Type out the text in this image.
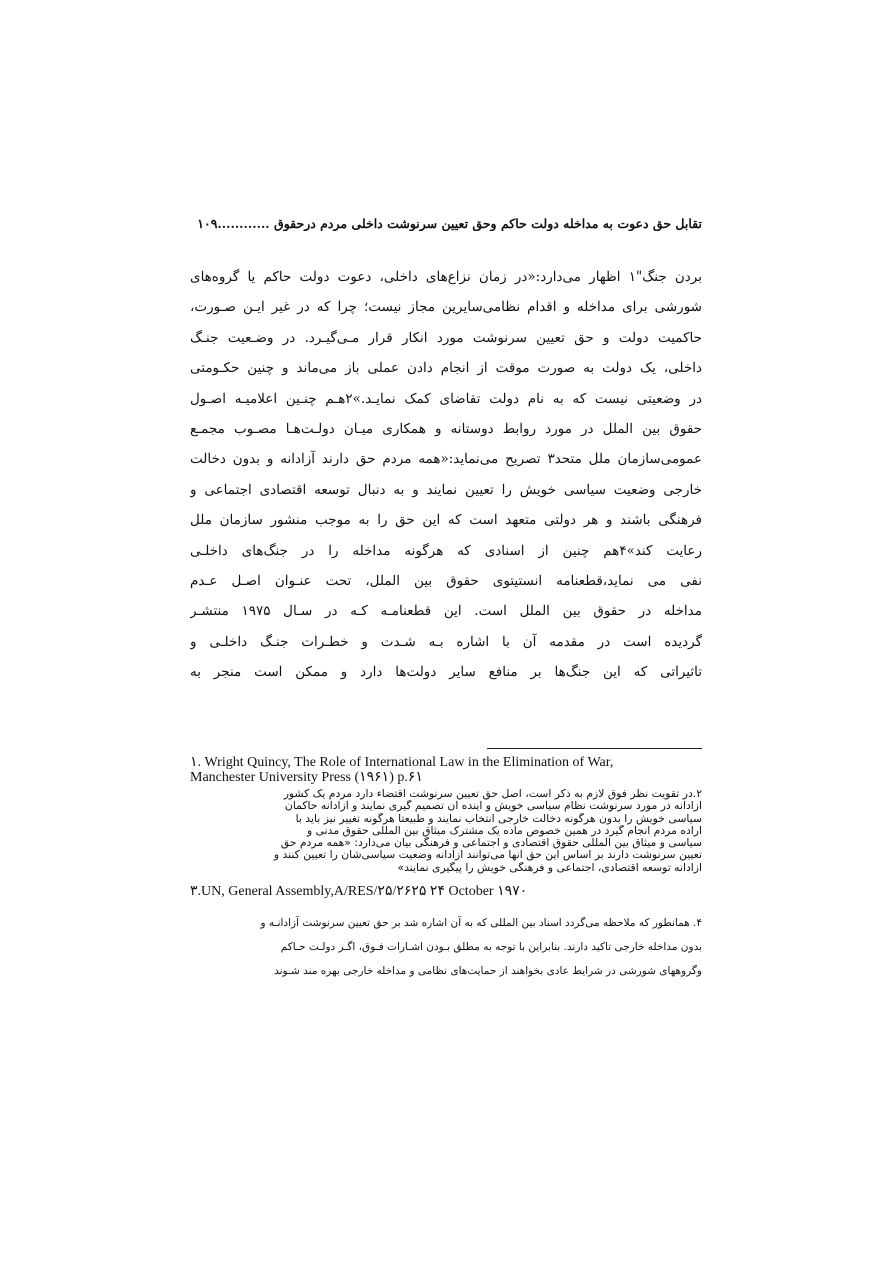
تقابل حق دعوت به مداخله دولت حاکم وحق تعیین سرنوشت داخلی مردم درحقوق ............۱۰۹
بردن جنگ"۱ اظهار می‌دارد:«در زمان نزاع‌های داخلی، دعوت دولت حاکم یا گروه‌های
شورشی برای مداخله و اقدام نظامی‌سایرین مجاز نیست؛ چرا که در غیر ایـن صـورت،
حاکمیت دولت و حق تعیین سرنوشت مورد انکار قرار مـی‌گیـرد. در وضـعیت جنـگ
داخلی، یک دولت به صورت موقت از انجام دادن عملی باز می‌ماند و چنین حکـومتی
در وضعیتی نیست که به نام دولت تقاضای کمک نمایـد.»۲هـم چنـین اعلامیـه اصـول
حقوق بین الملل در مورد روابط دوستانه و همکاری میـان دولـت‌هـا مصـوب مجمـع
عمومی‌سازمان ملل متحد۳ تصریح می‌نماید:«همه مردم حق دارند آزادانه و بدون دخالت
خارجی وضعیت سیاسی خویش را تعیین نمایند و به دنبال توسعه اقتصادی اجتماعی و
فرهنگی باشند و هر دولتی متعهد است که این حق را به موجب منشور سازمان ملل
رعایت کند»۴هم چنین از اسنادی که هرگونه مداخله را در جنگ‌های داخلـی
نفی می نماید،قطعنامه انستیتوی حقوق بین الملل، تحت عنـوان اصـل عـدم
مداخله در حقوق بین الملل است. این قطعنامـه کـه در سـال ۱۹۷۵ منتشـر
گردیده است در مقدمه آن با اشاره بـه شـدت و خطـرات جنـگ داخلـی و
تاثیراتی که این جنگ‌ها بر منافع سایر دولت‌ها دارد و ممکن است منجر به
۱. Wright Quincy, The Role of International Law in the Elimination of War,
Manchester University Press (۱۹۶۱) p.۶۱
۲.در تقویت نظر فوق لازم به ذکر است، اصل حق تعیین سرنوشت اقتضاء دارد مردم یک کشور
آزادانه در مورد سرنوشت نظام سیاسی خویش و آینده آن تصمیم گیری نمایند و آزادانه حاکمان
سیاسی خویش را بدون هرگونه دخالت خارجی انتخاب نمایند و طبیعتاً هرگونه تغییر نیز باید با
اراده مردم انجام گیرد در همین خصوص ماده یک مشترک میثاق بین المللی حقوق مدنی و
سیاسی و میثاق بین المللی حقوق اقتصادی و اجتماعی و فرهنگی بیان می‌دارد: «همه مردم حق
تعیین سرنوشت دارند بر اساس این حق آنها می‌توانند آزادانه وضعیت سیاسی‌شان را تعیین کنند و
آزادانه توسعه اقتصادی، اجتماعی و فرهنگی خویش را پیگیری نمایند»
۳.UN, General Assembly,A/RES/۲۵/۲۶۲۵ ۲۴ October ۱۹۷۰
۴. همانطور که ملاحظه می‌گردد اسناد بین المللی که به آن اشاره شد بر حق تعیین سرنوشت آزادانـه و
بدون مداخله خارجی تاکید دارند. بنابراین با توجه به مطلق بـودن اشـارات فـوق، اگـر دولـت حـاکم
وگروههای شورشی در شرایط عادی بخواهند از حمایت‌های نظامی و مداخله خارجی بهره مند شـوند
